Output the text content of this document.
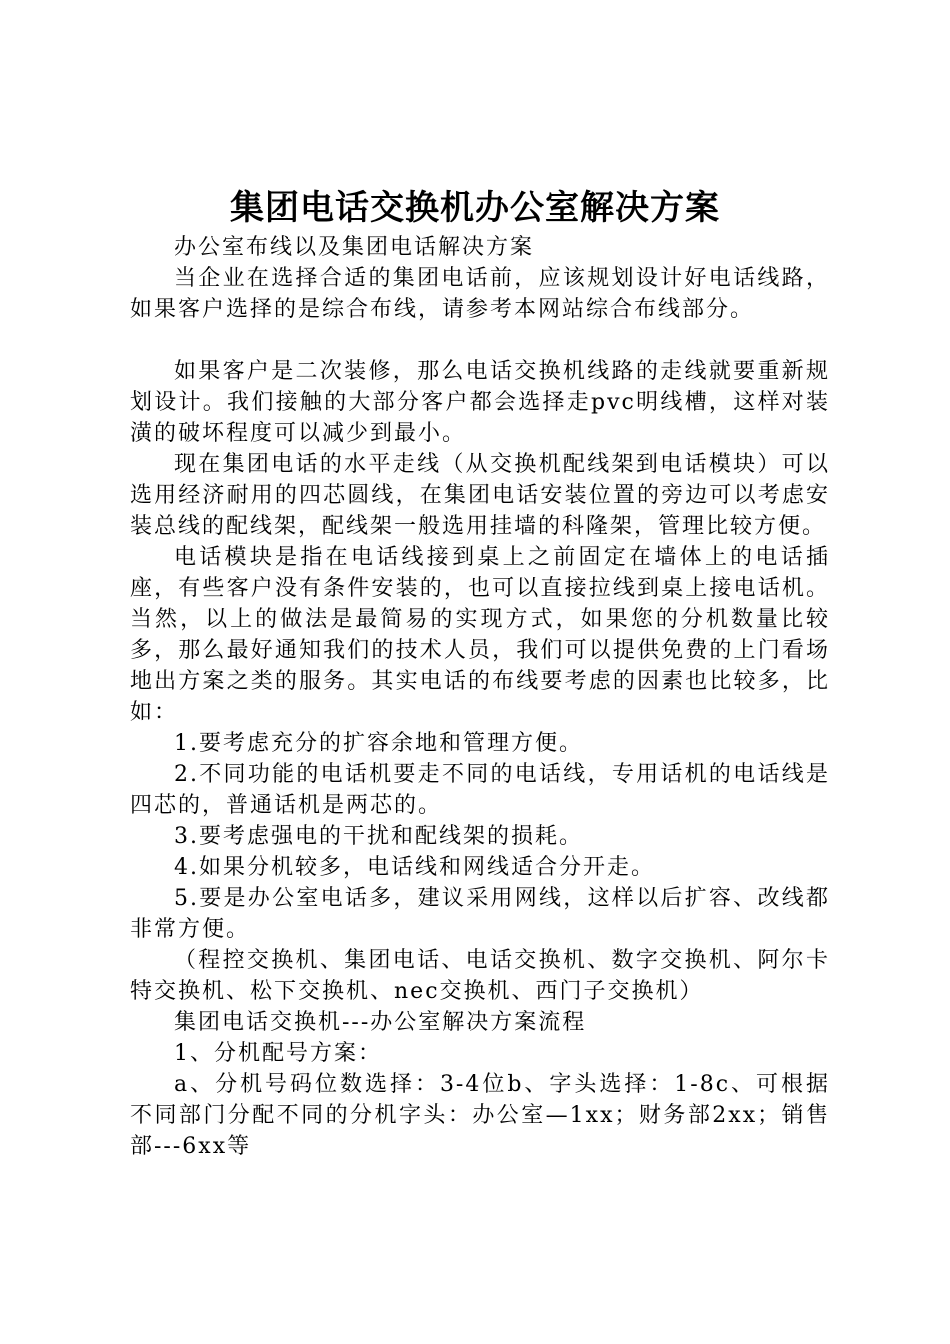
集团电话交换机办公室解决方案

办公室布线以及集团电话解决方案

当企业在选择合适的集团电话前，应该规划设计好电话线路，如果客户选择的是综合布线，请参考本网站综合布线部分。

如果客户是二次装修，那么电话交换机线路的走线就要重新规划设计。我们接触的大部分客户都会选择走pvc明线槽，这样对装潢的破坏程度可以减少到最小。

现在集团电话的水平走线（从交换机配线架到电话模块）可以选用经济耐用的四芯圆线，在集团电话安装位置的旁边可以考虑安装总线的配线架，配线架一般选用挂墙的科隆架，管理比较方便。

电话模块是指在电话线接到桌上之前固定在墙体上的电话插座，有些客户没有条件安装的，也可以直接拉线到桌上接电话机。当然，以上的做法是最简易的实现方式，如果您的分机数量比较多，那么最好通知我们的技术人员，我们可以提供免费的上门看场地出方案之类的服务。其实电话的布线要考虑的因素也比较多，比如：

1.要考虑充分的扩容余地和管理方便。

2.不同功能的电话机要走不同的电话线，专用话机的电话线是四芯的，普通话机是两芯的。

3.要考虑强电的干扰和配线架的损耗。

4.如果分机较多，电话线和网线适合分开走。

5.要是办公室电话多，建议采用网线，这样以后扩容、改线都非常方便。

（程控交换机、集团电话、电话交换机、数字交换机、阿尔卡特交换机、松下交换机、nec交换机、西门子交换机）

集团电话交换机---办公室解决方案流程

1、分机配号方案：

a、分机号码位数选择：3-4位b、字头选择：1-8c、可根据不同部门分配不同的分机字头：办公室—1xx；财务部2xx；销售部---6xx等
